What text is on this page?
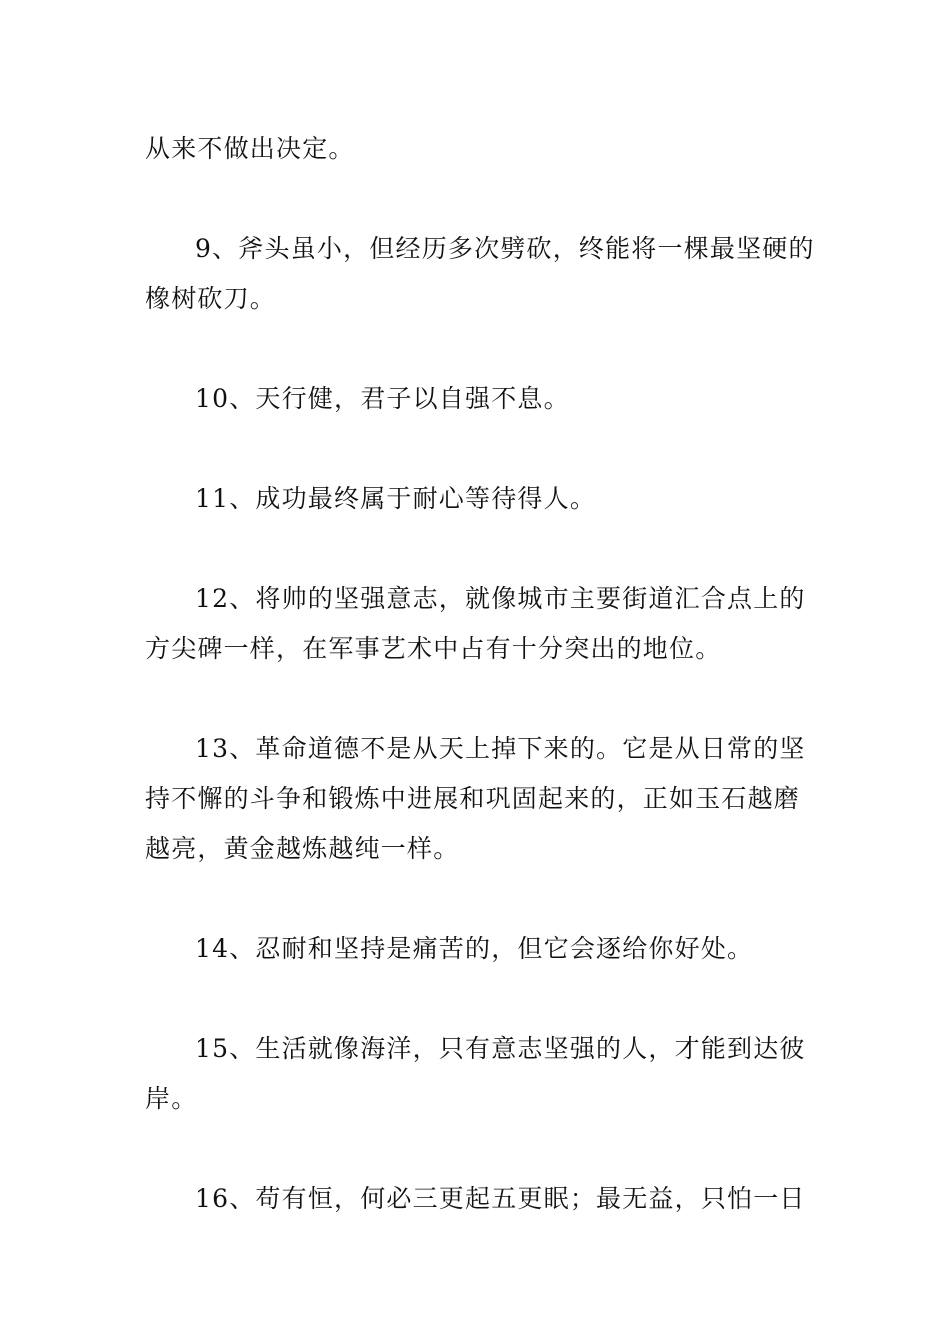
从来不做出决定。
9、斧头虽小，但经历多次劈砍，终能将一棵最坚硬的
橡树砍刀。
10、天行健，君子以自强不息。
11、成功最终属于耐心等待得人。
12、将帅的坚强意志，就像城市主要街道汇合点上的
方尖碑一样，在军事艺术中占有十分突出的地位。
13、革命道德不是从天上掉下来的。它是从日常的坚
持不懈的斗争和锻炼中进展和巩固起来的，正如玉石越磨
越亮，黄金越炼越纯一样。
14、忍耐和坚持是痛苦的，但它会逐给你好处。
15、生活就像海洋，只有意志坚强的人，才能到达彼
岸。
16、苟有恒，何必三更起五更眠；最无益，只怕一日
